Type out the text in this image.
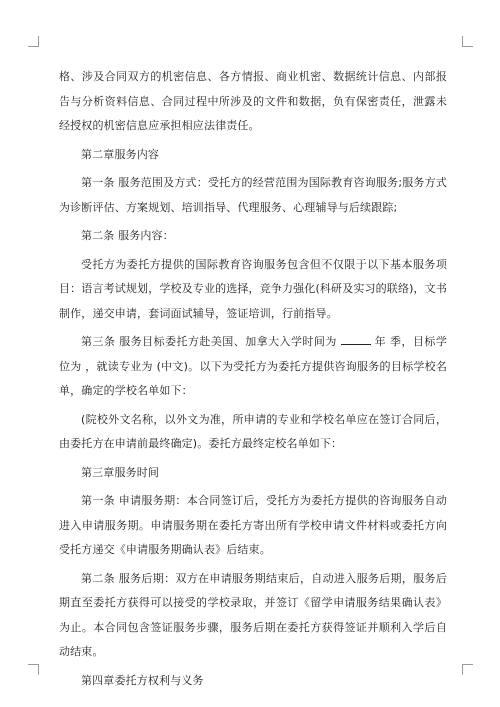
格、涉及合同双方的机密信息、各方情报、商业机密、数据统计信息、内部报告与分析资料信息、合同过程中所涉及的文件和数据，负有保密责任，泄露未经授权的机密信息应承担相应法律责任。

第二章服务内容

第一条 服务范围及方式：受托方的经营范围为国际教育咨询服务;服务方式为诊断评估、方案规划、培训指导、代理服务、心理辅导与后续跟踪;

第二条 服务内容：

受托方为委托方提供的国际教育咨询服务包含但不仅限于以下基本服务项目：语言考试规划，学校及专业的选择，竞争力强化(科研及实习的联络)，文书制作，递交申请，套词面试辅导，签证培训，行前指导。

第三条 服务目标委托方赴美国、加拿大入学时间为	年 季，目标学位为 ，就读专业为 (中文)。以下为受托方为委托方提供咨询服务的目标学校名单，确定的学校名单如下：

(院校外文名称，以外文为准，所申请的专业和学校名单应在签订合同后，由委托方在申请前最终确定)。委托方最终定校名单如下：

第三章服务时间

第一条 申请服务期：本合同签订后，受托方为委托方提供的咨询服务自动进入申请服务期。申请服务期在委托方寄出所有学校申请文件材料或委托方向受托方递交《申请服务期确认表》后结束。

第二条 服务后期：双方在申请服务期结束后，自动进入服务后期，服务后期直至委托方获得可以接受的学校录取，并签订《留学申请服务结果确认表》为止。本合同包含签证服务步骤，服务后期在委托方获得签证并顺利入学后自动结束。

第四章委托方权利与义务
